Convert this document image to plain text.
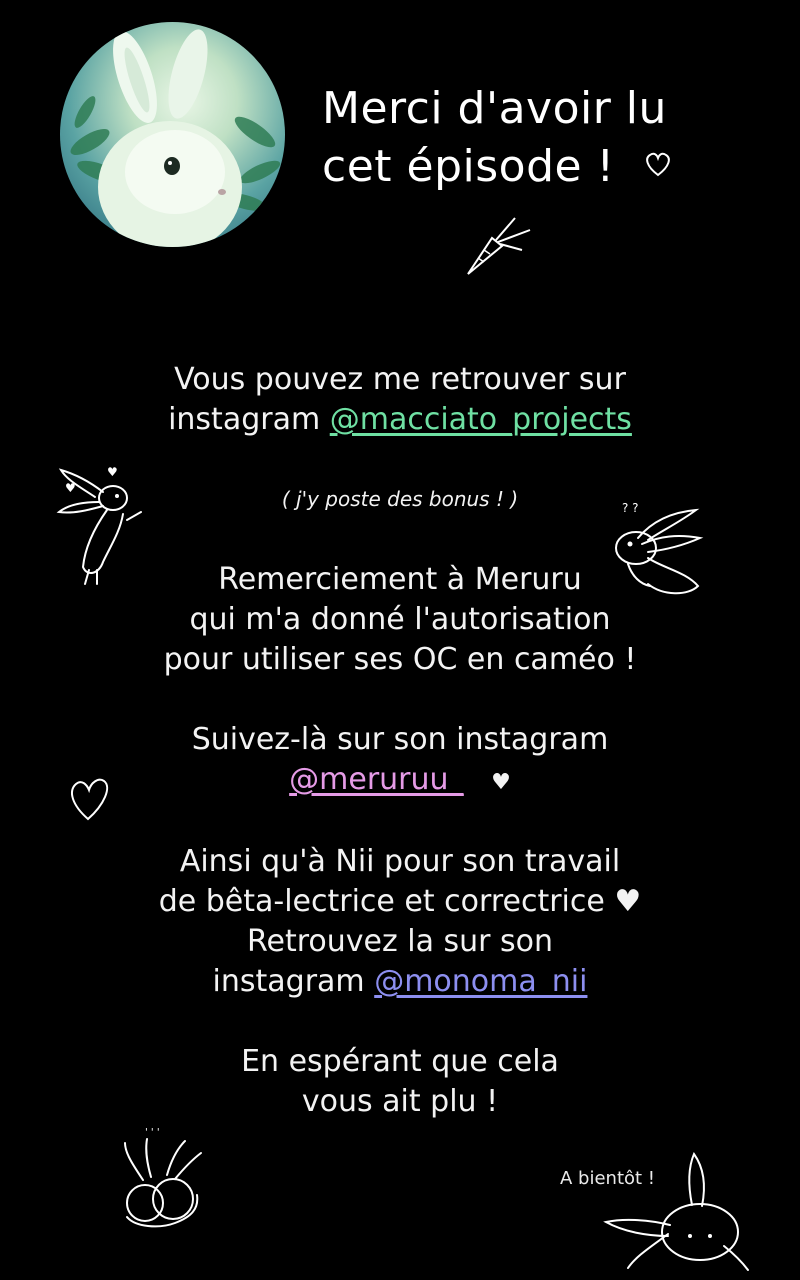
Merci d'avoir lu
cet épisode !
Vous pouvez me retrouver sur
instagram @macciato_projects
( j'y poste des bonus ! )
♥
♥
? ?
Remerciement à Meruru
qui m'a donné l'autorisation
pour utiliser ses OC en caméo !
Suivez-là sur son instagram
@meruruu_ ♥
Ainsi qu'à Nii pour son travail
de bêta-lectrice et correctrice ♥
Retrouvez la sur son
instagram @monoma_nii
En espérant que cela
vous ait plu !
' ' '
A bientôt !
